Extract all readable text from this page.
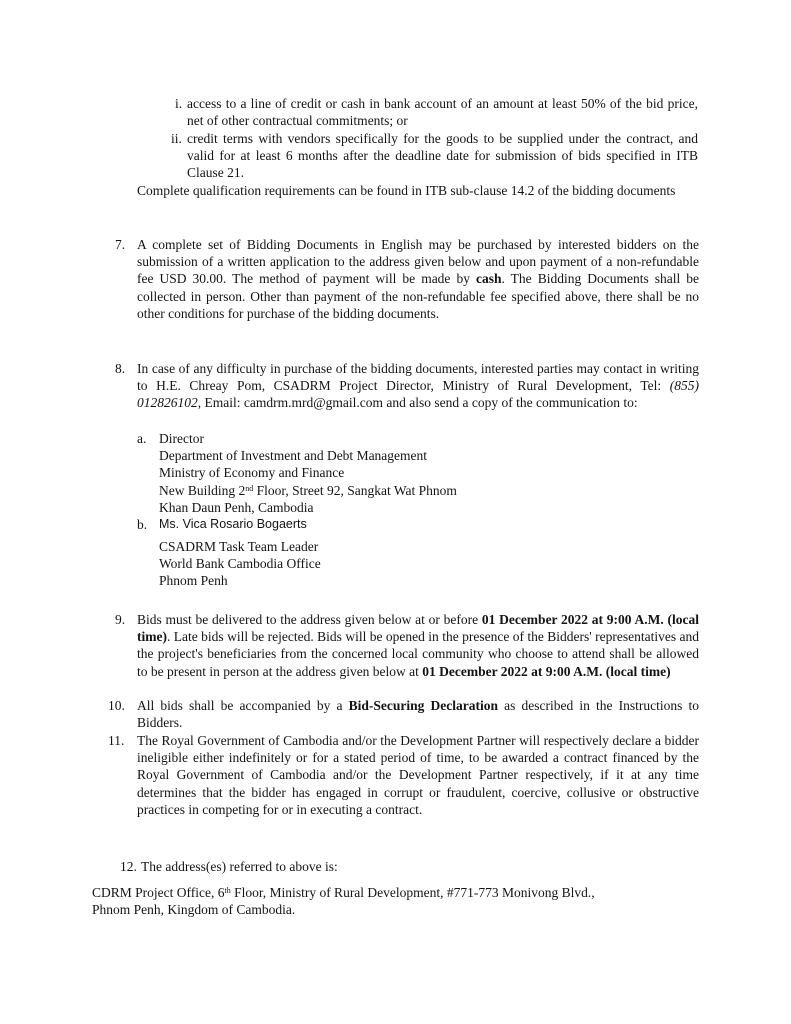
i. access to a line of credit or cash in bank account of an amount at least 50% of the bid price, net of other contractual commitments; or
ii. credit terms with vendors specifically for the goods to be supplied under the contract, and valid for at least 6 months after the deadline date for submission of bids specified in ITB Clause 21.
Complete qualification requirements can be found in ITB sub-clause 14.2 of the bidding documents
7. A complete set of Bidding Documents in English may be purchased by interested bidders on the submission of a written application to the address given below and upon payment of a non-refundable fee USD 30.00. The method of payment will be made by cash. The Bidding Documents shall be collected in person. Other than payment of the non-refundable fee specified above, there shall be no other conditions for purchase of the bidding documents.
8. In case of any difficulty in purchase of the bidding documents, interested parties may contact in writing to H.E. Chreay Pom, CSADRM Project Director, Ministry of Rural Development, Tel: (855) 012826102, Email: camdrm.mrd@gmail.com and also send a copy of the communication to:
a. Director
Department of Investment and Debt Management
Ministry of Economy and Finance
New Building 2nd Floor, Street 92, Sangkat Wat Phnom
Khan Daun Penh, Cambodia
b. Ms. Vica Rosario Bogaerts
CSADRM Task Team Leader
World Bank Cambodia Office
Phnom Penh
9. Bids must be delivered to the address given below at or before 01 December 2022 at 9:00 A.M. (local time). Late bids will be rejected. Bids will be opened in the presence of the Bidders' representatives and the project's beneficiaries from the concerned local community who choose to attend shall be allowed to be present in person at the address given below at 01 December 2022 at 9:00 A.M. (local time)
10. All bids shall be accompanied by a Bid-Securing Declaration as described in the Instructions to Bidders.
11. The Royal Government of Cambodia and/or the Development Partner will respectively declare a bidder ineligible either indefinitely or for a stated period of time, to be awarded a contract financed by the Royal Government of Cambodia and/or the Development Partner respectively, if it at any time determines that the bidder has engaged in corrupt or fraudulent, coercive, collusive or obstructive practices in competing for or in executing a contract.
12. The address(es) referred to above is:
CDRM Project Office, 6th Floor, Ministry of Rural Development, #771-773 Monivong Blvd.,
Phnom Penh, Kingdom of Cambodia.
